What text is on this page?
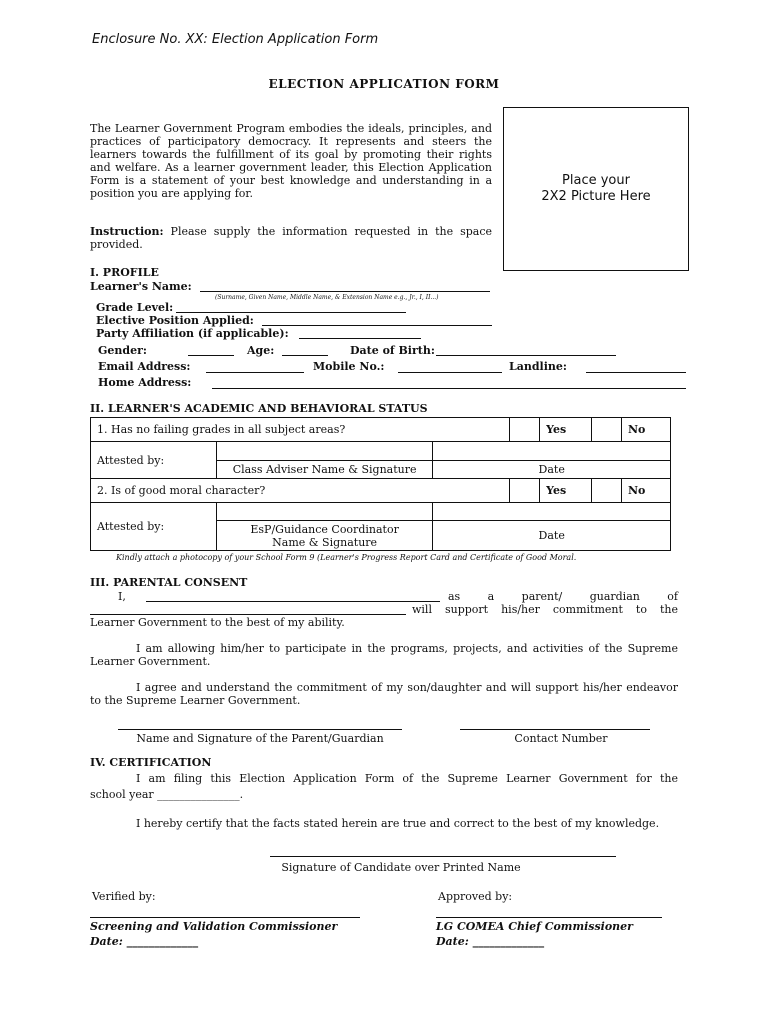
Enclosure No. XX: Election Application Form
ELECTION APPLICATION FORM
The Learner Government Program embodies the ideals, principles, and practices of participatory democracy. It represents and steers the learners towards the fulfillment of its goal by promoting their rights and welfare. As a learner government leader, this Election Application Form is a statement of your best knowledge and understanding in a position you are applying for.
Instruction: Please supply the information requested in the space provided.
Place your
2X2 Picture Here
I. PROFILE
Learner's Name:
(Surname, Given Name, Middle Name, & Extension Name e.g., Jr., I, II...)
Grade Level:
Elective Position Applied:
Party Affiliation (if applicable):
Gender:	Age:	Date of Birth:
Email Address:	Mobile No.:	Landline:
Home Address:
II. LEARNER'S ACADEMIC AND BEHAVIORAL STATUS
1. Has no failing grades in all subject areas?				Yes		No
Attested by:						
	Class Adviser Name & Signature	Date				
2. Is of good moral character?				Yes		No
Attested by:						
	EsP/Guidance Coordinator
Name & Signature	Date				
Kindly attach a photocopy of your School Form 9 (Learner's Progress Report Card and Certificate of Good Moral.
III. PARENTAL CONSENT
I,	as a parent/ guardian of
will support his/her commitment to the
Learner Government to the best of my ability.
I am allowing him/her to participate in the programs, projects, and activities of the Supreme Learner Government.
I agree and understand the commitment of my son/daughter and will support his/her endeavor to the Supreme Learner Government.
Name and Signature of the Parent/Guardian	Contact Number
IV. CERTIFICATION
I am filing this Election Application Form of the Supreme Learner Government for the
school year _______________.
I hereby certify that the facts stated herein are true and correct to the best of my knowledge.
Signature of Candidate over Printed Name
Verified by:	Approved by:
Screening and Validation Commissioner	LG COMEA Chief Commissioner
Date: _____________	Date: _____________
